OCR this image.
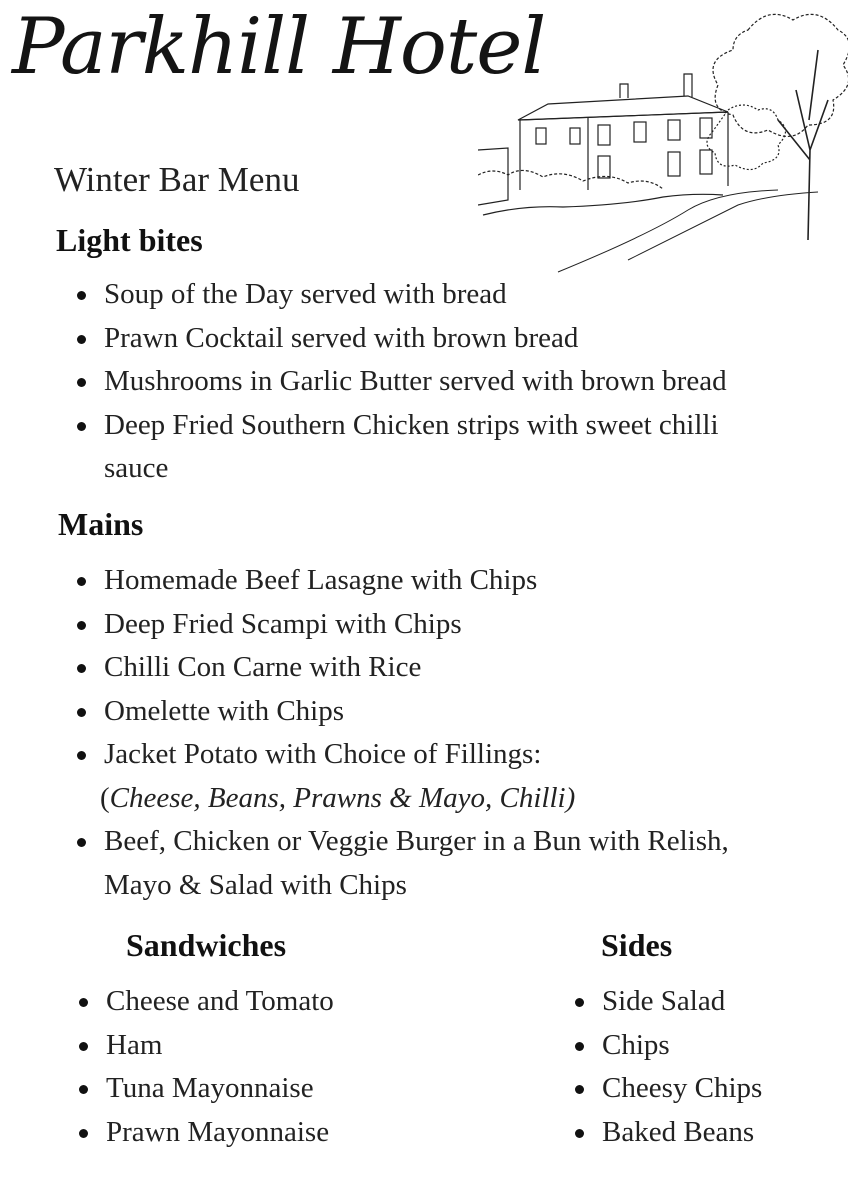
Parkhill Hotel
Winter Bar Menu
Light bites
Soup of the Day served with bread
Prawn Cocktail served with brown bread
Mushrooms in Garlic Butter served with brown bread
Deep Fried Southern Chicken strips with sweet chilli sauce
Mains
Homemade Beef Lasagne with Chips
Deep Fried Scampi with Chips
Chilli Con Carne with Rice
Omelette with Chips
Jacket Potato with Choice of Fillings:
( Cheese, Beans, Prawns & Mayo, Chilli )
Beef, Chicken or Veggie Burger in a Bun with Relish, Mayo & Salad with Chips
Sandwiches
Cheese and Tomato
Ham
Tuna Mayonnaise
Prawn Mayonnaise
Sides
Side Salad
Chips
Cheesy Chips
Baked Beans
